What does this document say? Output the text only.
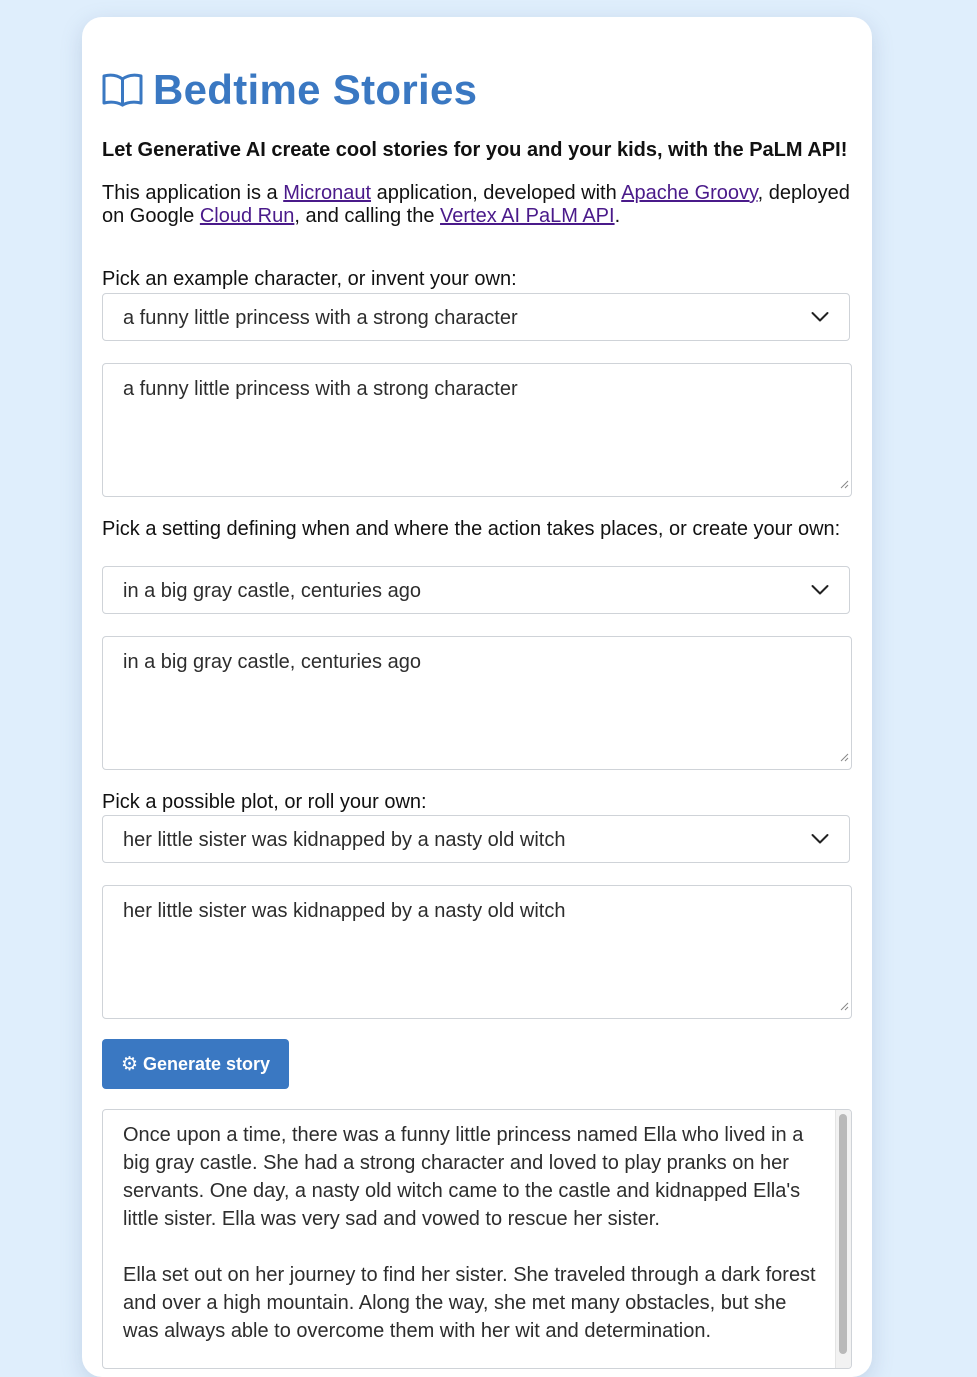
Bedtime Stories
Let Generative AI create cool stories for you and your kids, with the PaLM API!
This application is a Micronaut application, developed with Apache Groovy, deployed on Google Cloud Run, and calling the Vertex AI PaLM API.
Pick an example character, or invent your own:
a funny little princess with a strong character
a funny little princess with a strong character
Pick a setting defining when and where the action takes places, or create your own:
in a big gray castle, centuries ago
in a big gray castle, centuries ago
Pick a possible plot, or roll your own:
her little sister was kidnapped by a nasty old witch
her little sister was kidnapped by a nasty old witch
⚙ Generate story

Once upon a time, there was a funny little princess named Ella who lived in a big gray castle. She had a strong character and loved to play pranks on her servants. One day, a nasty old witch came to the castle and kidnapped Ella's little sister. Ella was very sad and vowed to rescue her sister.

Ella set out on her journey to find her sister. She traveled through a dark forest and over a high mountain. Along the way, she met many obstacles, but she was always able to overcome them with her wit and determination.
